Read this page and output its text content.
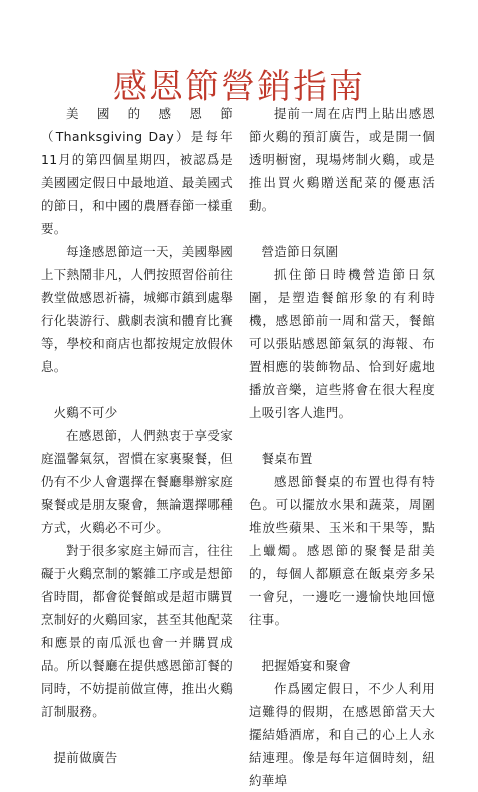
感恩節營銷指南

美國的感恩節（Thanksgiving Day）是每年11月的第四個星期四，被認爲是美國國定假日中最地道、最美國式的節日，和中國的農曆春節一樣重要。

每逢感恩節這一天，美國舉國上下熱鬧非凡，人們按照習俗前往教堂做感恩祈禱，城鄉市鎮到處舉行化裝游行、戲劇表演和體育比賽等，學校和商店也都按規定放假休息。

火鷄不可少

在感恩節，人們熱衷于享受家庭溫馨氣氛，習慣在家裏聚餐，但仍有不少人會選擇在餐廳舉辦家庭聚餐或是朋友聚會，無論選擇哪種方式，火鷄必不可少。

對于很多家庭主婦而言，往往礙于火鷄烹制的繁雜工序或是想節省時間，都會從餐館或是超市購買烹制好的火鷄回家，甚至其他配菜和應景的南瓜派也會一并購買成品。所以餐廳在提供感恩節訂餐的同時，不妨提前做宣傳，推出火鷄訂制服務。

提前做廣告

提前一周在店門上貼出感恩節火鷄的預訂廣告，或是開一個透明橱窗，現場烤制火鷄，或是推出買火鷄贈送配菜的優惠活動。

營造節日氛圍

抓住節日時機營造節日氛圍，是塑造餐館形象的有利時機，感恩節前一周和當天，餐館可以張貼感恩節氣氛的海報、布置相應的裝飾物品、恰到好處地播放音樂，這些將會在很大程度上吸引客人進門。

餐桌布置

感恩節餐桌的布置也得有特色。可以擺放水果和蔬菜，周圍堆放些蘋果、玉米和干果等，點上蠟燭。感恩節的聚餐是甜美的，每個人都願意在飯桌旁多呆一會兒，一邊吃一邊愉快地回憶往事。

把握婚宴和聚會

作爲國定假日，不少人利用這難得的假期，在感恩節當天大擺結婚酒席，和自己的心上人永結連理。像是每年這個時刻，紐約華埠
